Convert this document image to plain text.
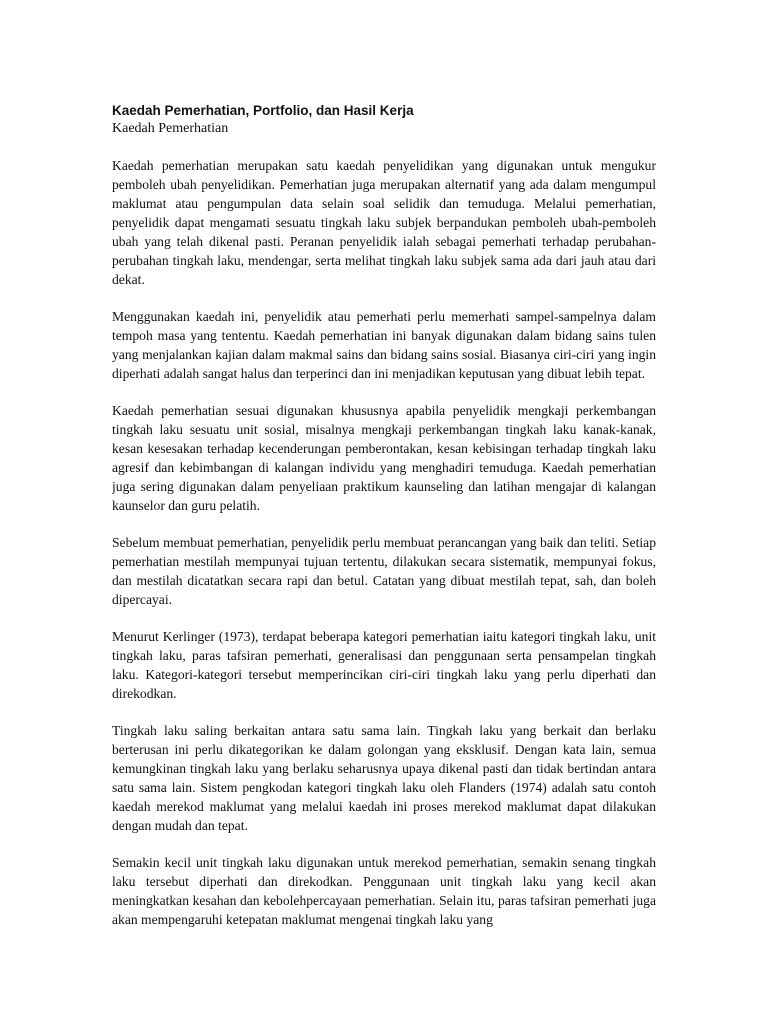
Kaedah Pemerhatian, Portfolio, dan Hasil Kerja

Kaedah Pemerhatian

Kaedah pemerhatian merupakan satu kaedah penyelidikan yang digunakan untuk mengukur pemboleh ubah penyelidikan. Pemerhatian juga merupakan alternatif yang ada dalam mengumpul maklumat atau pengumpulan data selain soal selidik dan temuduga. Melalui pemerhatian, penyelidik dapat mengamati sesuatu tingkah laku subjek berpandukan pemboleh ubah-pemboleh ubah yang telah dikenal pasti. Peranan penyelidik ialah sebagai pemerhati terhadap perubahan-perubahan tingkah laku, mendengar, serta melihat tingkah laku subjek sama ada dari jauh atau dari dekat.

Menggunakan kaedah ini, penyelidik atau pemerhati perlu memerhati sampel-sampelnya dalam tempoh masa yang tententu. Kaedah pemerhatian ini banyak digunakan dalam bidang sains tulen yang menjalankan kajian dalam makmal sains dan bidang sains sosial. Biasanya ciri-ciri yang ingin diperhati adalah sangat halus dan terperinci dan ini menjadikan keputusan yang dibuat lebih tepat.

Kaedah pemerhatian sesuai digunakan khususnya apabila penyelidik mengkaji perkembangan tingkah laku sesuatu unit sosial, misalnya mengkaji perkembangan tingkah laku kanak-kanak, kesan kesesakan terhadap kecenderungan pemberontakan, kesan kebisingan terhadap tingkah laku agresif dan kebimbangan di kalangan individu yang menghadiri temuduga. Kaedah pemerhatian juga sering digunakan dalam penyeliaan praktikum kaunseling dan latihan mengajar di kalangan kaunselor dan guru pelatih.

Sebelum membuat pemerhatian, penyelidik perlu membuat perancangan yang baik dan teliti. Setiap pemerhatian mestilah mempunyai tujuan tertentu, dilakukan secara sistematik, mempunyai fokus, dan mestilah dicatatkan secara rapi dan betul. Catatan yang dibuat mestilah tepat, sah, dan boleh dipercayai.

Menurut Kerlinger (1973), terdapat beberapa kategori pemerhatian iaitu kategori tingkah laku, unit tingkah laku, paras tafsiran pemerhati, generalisasi dan penggunaan serta pensampelan tingkah laku. Kategori-kategori tersebut memperincikan ciri-ciri tingkah laku yang perlu diperhati dan direkodkan.

Tingkah laku saling berkaitan antara satu sama lain. Tingkah laku yang berkait dan berlaku berterusan ini perlu dikategorikan ke dalam golongan yang eksklusif. Dengan kata lain, semua kemungkinan tingkah laku yang berlaku seharusnya upaya dikenal pasti dan tidak bertindan antara satu sama lain. Sistem pengkodan kategori tingkah laku oleh Flanders (1974) adalah satu contoh kaedah merekod maklumat yang melalui kaedah ini proses merekod maklumat dapat dilakukan dengan mudah dan tepat.

Semakin kecil unit tingkah laku digunakan untuk merekod pemerhatian, semakin senang tingkah laku tersebut diperhati dan direkodkan. Penggunaan unit tingkah laku yang kecil akan meningkatkan kesahan dan kebolehpercayaan pemerhatian. Selain itu, paras tafsiran pemerhati juga akan mempengaruhi ketepatan maklumat mengenai tingkah laku yang
